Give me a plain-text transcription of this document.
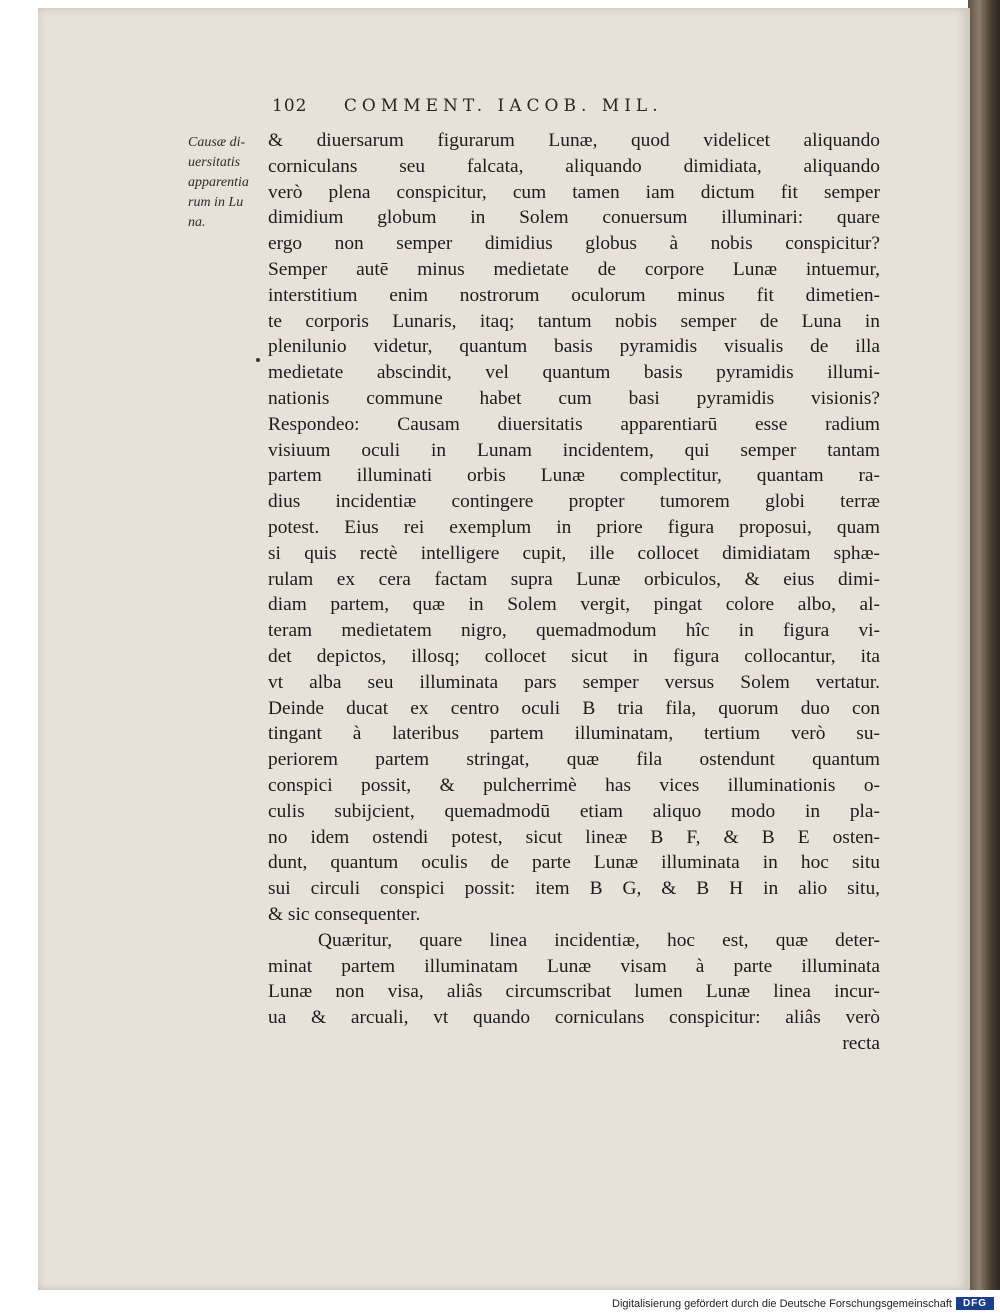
102 COMMENT. IACOB. MIL.
Causæ di-
uersitatis
apparentia
rum in Lu
na.
& diuersarum figurarum Lunæ, quod videlicet aliquando
corniculans seu falcata, aliquando dimidiata, aliquando
verò plena conspicitur, cum tamen iam dictum fit semper
dimidium globum in Solem conuersum illuminari: quare
ergo non semper dimidius globus à nobis conspicitur?
Semper autē minus medietate de corpore Lunæ intuemur,
interstitium enim nostrorum oculorum minus fit dimetien-
te corporis Lunaris, itaq; tantum nobis semper de Luna in
plenilunio videtur, quantum basis pyramidis visualis de illa
medietate abscindit, vel quantum basis pyramidis illumi-
nationis commune habet cum basi pyramidis visionis?
Respondeo: Causam diuersitatis apparentiarū esse radium
visiuum oculi in Lunam incidentem, qui semper tantam
partem illuminati orbis Lunæ complectitur, quantam ra-
dius incidentiæ contingere propter tumorem globi terræ
potest. Eius rei exemplum in priore figura proposui, quam
si quis rectè intelligere cupit, ille collocet dimidiatam sphæ-
rulam ex cera factam supra Lunæ orbiculos, & eius dimi-
diam partem, quæ in Solem vergit, pingat colore albo, al-
teram medietatem nigro, quemadmodum hîc in figura vi-
det depictos, illosq; collocet sicut in figura collocantur, ita
vt alba seu illuminata pars semper versus Solem vertatur.
Deinde ducat ex centro oculi B tria fila, quorum duo con
tingant à lateribus partem illuminatam, tertium verò su-
periorem partem stringat, quæ fila ostendunt quantum
conspici possit, & pulcherrimè has vices illuminationis o-
culis subijcient, quemadmodū etiam aliquo modo in pla-
no idem ostendi potest, sicut lineæ B F, & B E osten-
dunt, quantum oculis de parte Lunæ illuminata in hoc situ
sui circuli conspici possit: item B G, & B H in alio situ,
& sic consequenter.
Quæritur, quare linea incidentiæ, hoc est, quæ deter-
minat partem illuminatam Lunæ visam à parte illuminata
Lunæ non visa, aliâs circumscribat lumen Lunæ linea incur-
ua & arcuali, vt quando corniculans conspicitur: aliâs verò
recta
Digitalisierung gefördert durch die Deutsche Forschungsgemeinschaft	DFG
